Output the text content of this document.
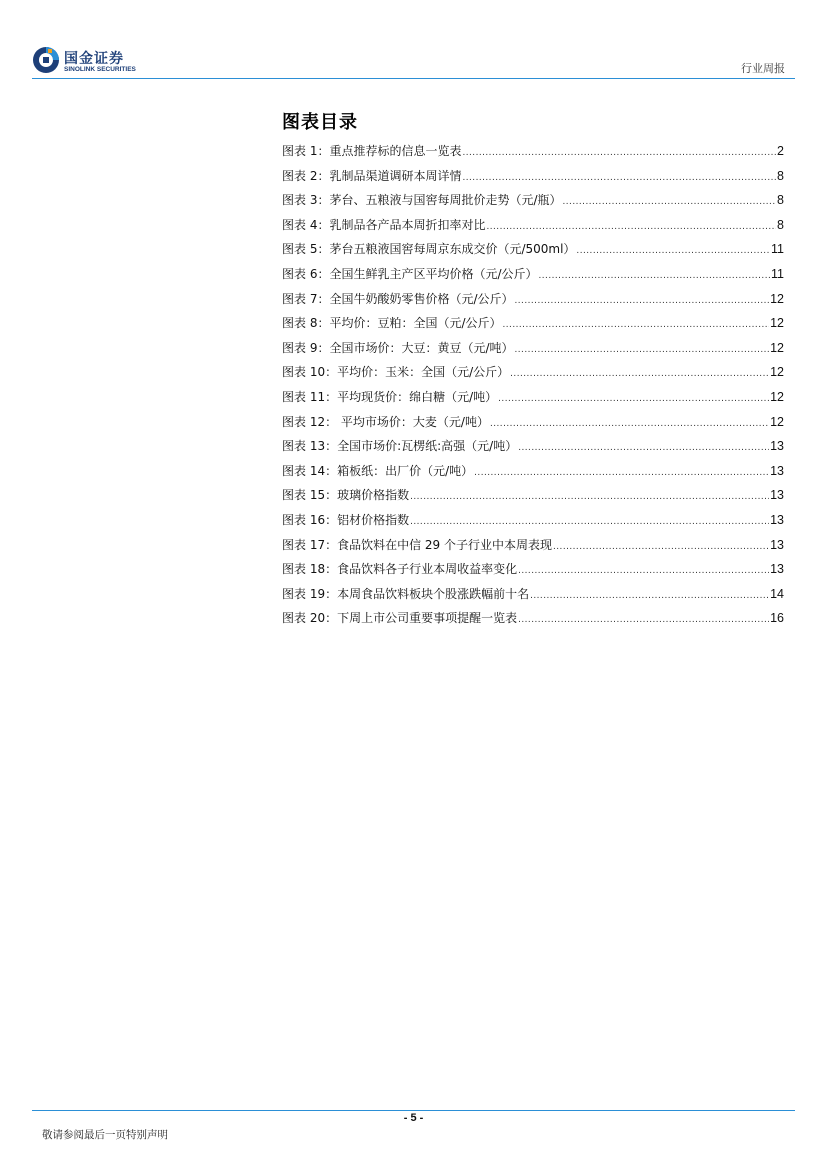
国金证券
SINOLINK SECURITIES	行业周报
图表目录
图表 1：重点推荐标的信息一览表 .....	2
图表 2：乳制品渠道调研本周详情 .....	8
图表 3：茅台、五粮液与国窖每周批价走势（元/瓶） .....	8
图表 4：乳制品各产品本周折扣率对比 .....	8
图表 5：茅台五粮液国窖每周京东成交价（元/500ml） .....	11
图表 6：全国生鲜乳主产区平均价格（元/公斤） .....	11
图表 7：全国牛奶酸奶零售价格（元/公斤） .....	12
图表 8：平均价：豆粕：全国（元/公斤） .....	12
图表 9：全国市场价：大豆：黄豆（元/吨） .....	12
图表 10：平均价：玉米：全国（元/公斤） .....	12
图表 11：平均现货价：绵白糖（元/吨） .....	12
图表 12： 平均市场价：大麦（元/吨） .....	12
图表 13：全国市场价:瓦楞纸:高强（元/吨） .....	13
图表 14：箱板纸：出厂价（元/吨） .....	13
图表 15：玻璃价格指数 .....	13
图表 16：铝材价格指数 .....	13
图表 17：食品饮料在中信 29 个子行业中本周表现 .....	13
图表 18：食品饮料各子行业本周收益率变化 .....	13
图表 19：本周食品饮料板块个股涨跌幅前十名 .....	14
图表 20：下周上市公司重要事项提醒一览表 .....	16
- 5 -
敬请参阅最后一页特别声明
